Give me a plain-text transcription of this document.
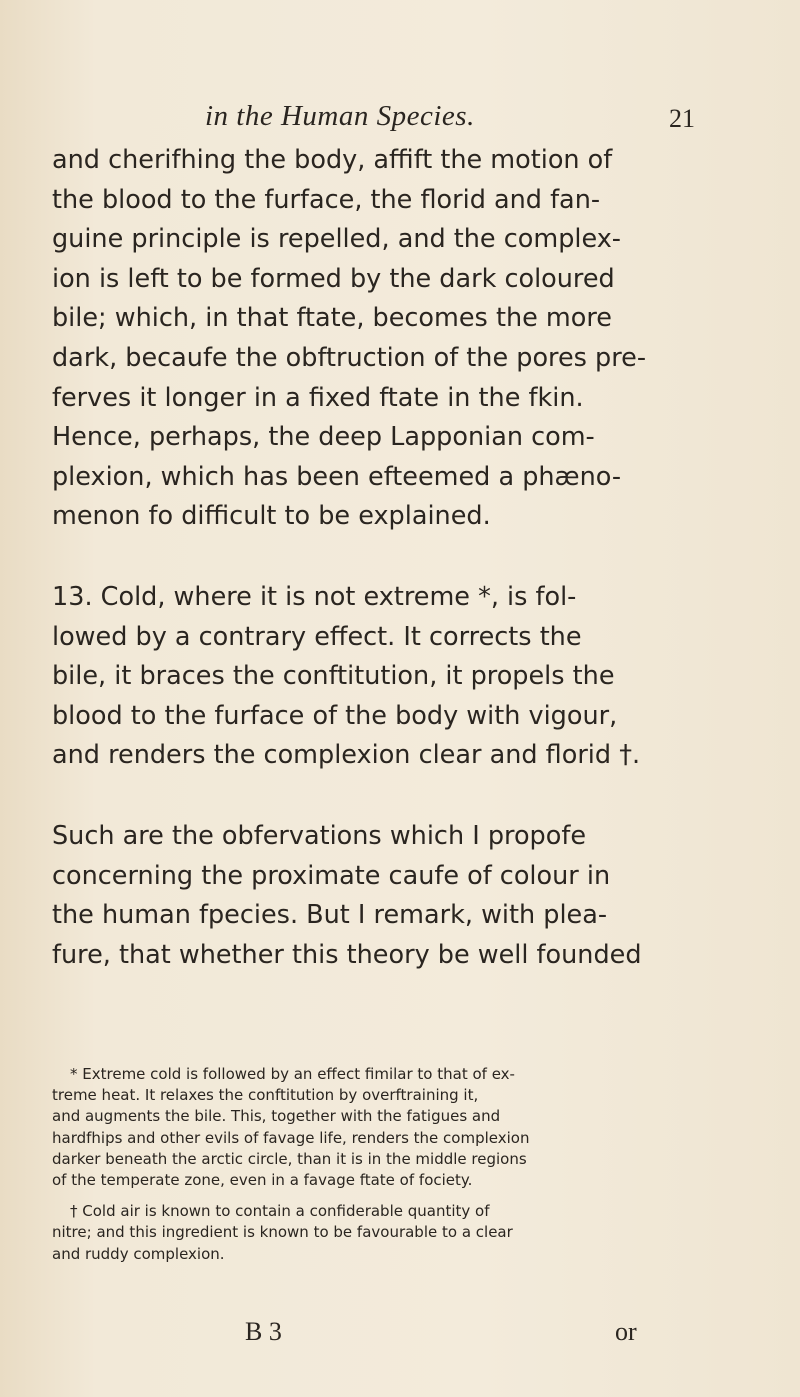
in the Human Species.	21
and cherifhing the body, affift the motion of
the blood to the furface, the florid and fan-
guine principle is repelled, and the complex-
ion is left to be formed by the dark coloured
bile; which, in that ftate, becomes the more
dark, becaufe the obftruction of the pores pre-
ferves it longer in a fixed ftate in the fkin.
Hence, perhaps, the deep Lapponian com-
plexion, which has been efteemed a phæno-
menon fo difficult to be explained.
13. Cold, where it is not extreme *, is fol-
lowed by a contrary effect. It corrects the
bile, it braces the conftitution, it propels the
blood to the furface of the body with vigour,
and renders the complexion clear and florid †.
Such are the obfervations which I propofe
concerning the proximate caufe of colour in
the human fpecies. But I remark, with plea-
fure, that whether this theory be well founded
* Extreme cold is followed by an effect fimilar to that of ex-
treme heat. It relaxes the conftitution by overftraining it,
and augments the bile. This, together with the fatigues and
hardfhips and other evils of favage life, renders the complexion
darker beneath the arctic circle, than it is in the middle regions
of the temperate zone, even in a favage ftate of fociety.
† Cold air is known to contain a confiderable quantity of
nitre; and this ingredient is known to be favourable to a clear
and ruddy complexion.
B 3	or
